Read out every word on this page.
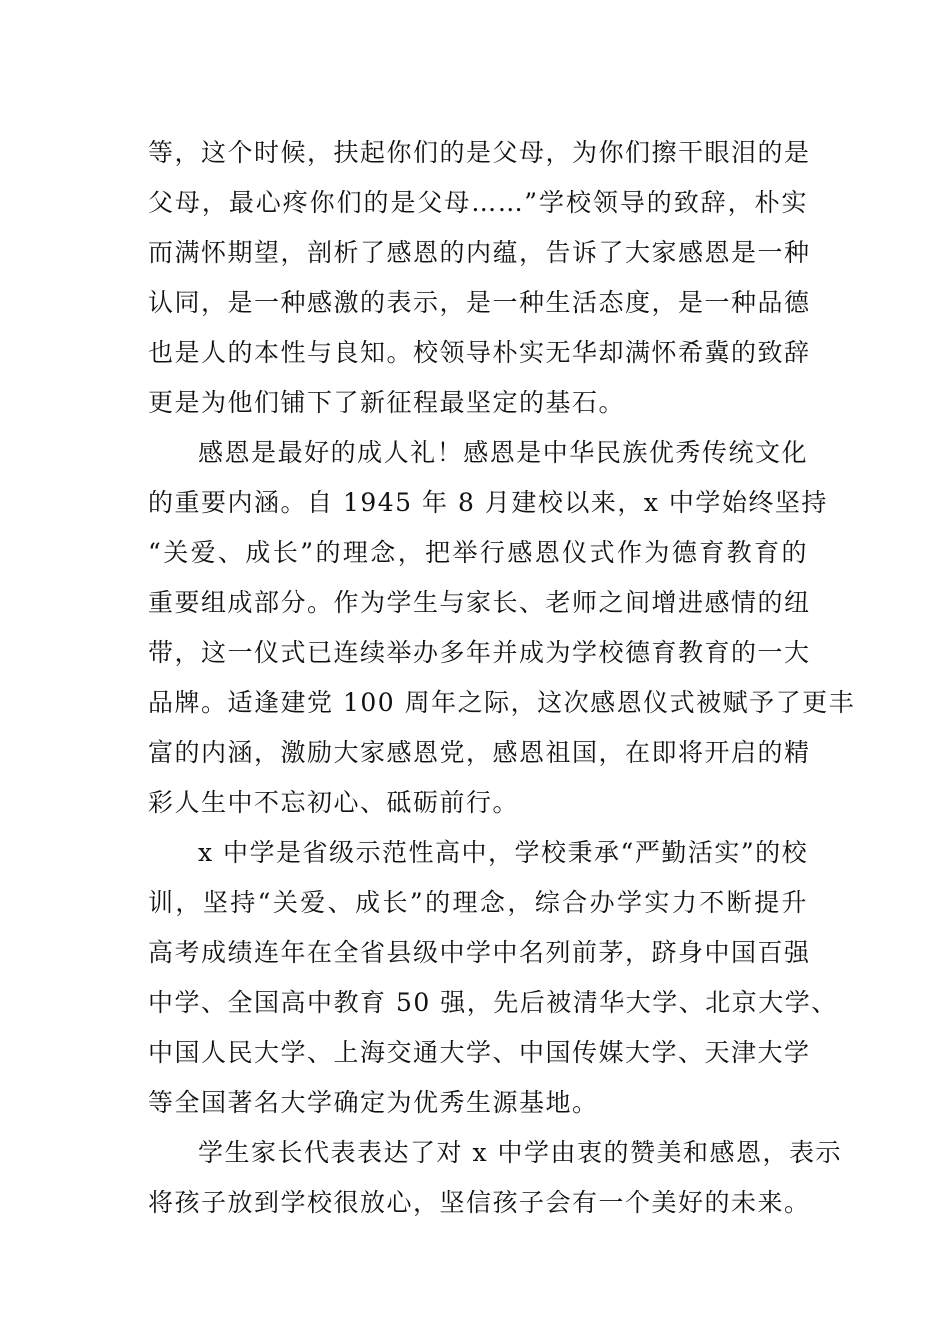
等，这个时候，扶起你们的是父母，为你们擦干眼泪的是
父母，最心疼你们的是父母……”学校领导的致辞，朴实
而满怀期望，剖析了感恩的内蕴，告诉了大家感恩是一种
认同，是一种感激的表示，是一种生活态度，是一种品德
也是人的本性与良知。校领导朴实无华却满怀希冀的致辞
更是为他们铺下了新征程最坚定的基石。

感恩是最好的成人礼！感恩是中华民族优秀传统文化
的重要内涵。自 1945 年 8 月建校以来，x 中学始终坚持
“关爱、成长”的理念，把举行感恩仪式作为德育教育的
重要组成部分。作为学生与家长、老师之间增进感情的纽
带，这一仪式已连续举办多年并成为学校德育教育的一大
品牌。适逢建党 100 周年之际，这次感恩仪式被赋予了更丰
富的内涵，激励大家感恩党，感恩祖国，在即将开启的精
彩人生中不忘初心、砥砺前行。

x 中学是省级示范性高中，学校秉承“严勤活实”的校
训，坚持“关爱、成长”的理念，综合办学实力不断提升
高考成绩连年在全省县级中学中名列前茅，跻身中国百强
中学、全国高中教育 50 强，先后被清华大学、北京大学、
中国人民大学、上海交通大学、中国传媒大学、天津大学
等全国著名大学确定为优秀生源基地。

学生家长代表表达了对 x 中学由衷的赞美和感恩，表示
将孩子放到学校很放心，坚信孩子会有一个美好的未来。
